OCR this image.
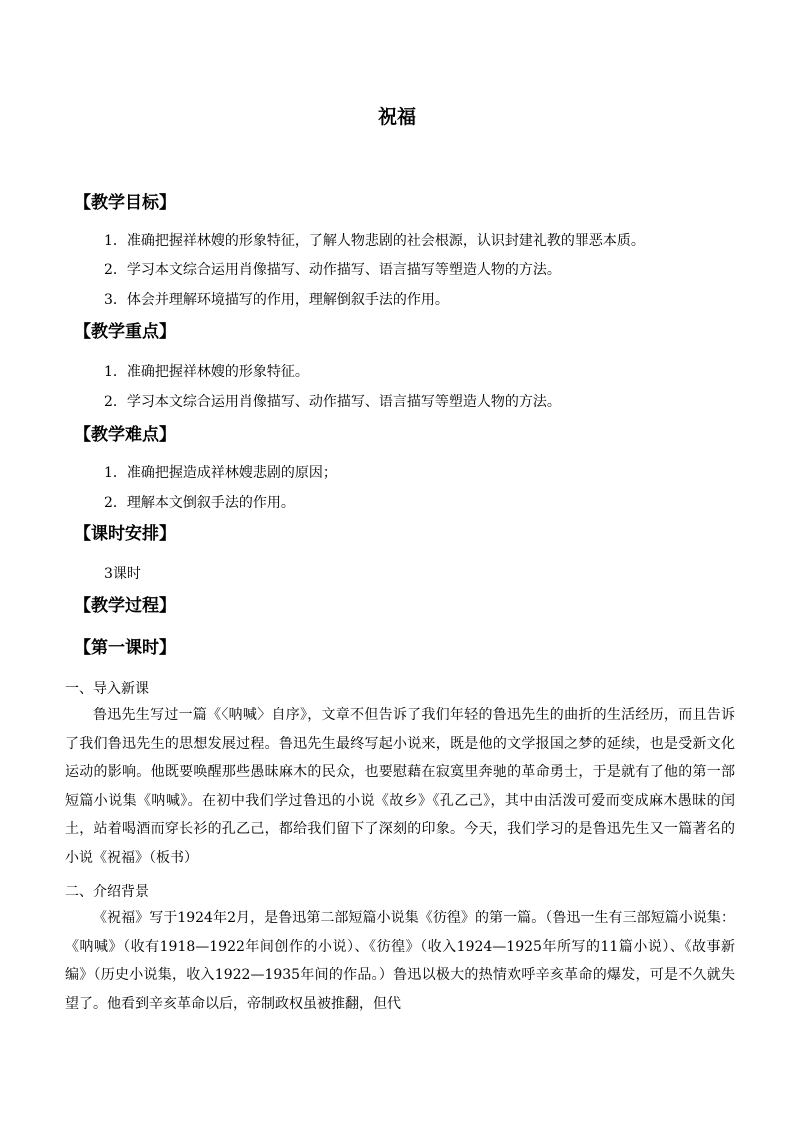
祝福
【教学目标】
1．准确把握祥林嫂的形象特征，了解人物悲剧的社会根源，认识封建礼教的罪恶本质。
2．学习本文综合运用肖像描写、动作描写、语言描写等塑造人物的方法。
3．体会并理解环境描写的作用，理解倒叙手法的作用。
【教学重点】
1．准确把握祥林嫂的形象特征。
2．学习本文综合运用肖像描写、动作描写、语言描写等塑造人物的方法。
【教学难点】
1．准确把握造成祥林嫂悲剧的原因；
2．理解本文倒叙手法的作用。
【课时安排】
3课时
【教学过程】
【第一课时】
一、导入新课
鲁迅先生写过一篇《〈呐喊〉自序》，文章不但告诉了我们年轻的鲁迅先生的曲折的生活经历，而且告诉了我们鲁迅先生的思想发展过程。鲁迅先生最终写起小说来，既是他的文学报国之梦的延续，也是受新文化运动的影响。他既要唤醒那些愚昧麻木的民众，也要慰藉在寂寞里奔驰的革命勇士，于是就有了他的第一部短篇小说集《呐喊》。在初中我们学过鲁迅的小说《故乡》《孔乙己》，其中由活泼可爱而变成麻木愚昧的闰土，站着喝酒而穿长衫的孔乙己，都给我们留下了深刻的印象。今天，我们学习的是鲁迅先生又一篇著名的小说《祝福》（板书）
二、介绍背景
《祝福》写于1924年2月，是鲁迅第二部短篇小说集《彷徨》的第一篇。（鲁迅一生有三部短篇小说集：《呐喊》（收有1918—1922年间创作的小说）、《彷徨》（收入1924—1925年所写的11篇小说）、《故事新编》（历史小说集，收入1922—1935年间的作品。）鲁迅以极大的热情欢呼辛亥革命的爆发，可是不久就失望了。他看到辛亥革命以后，帝制政权虽被推翻，但代
